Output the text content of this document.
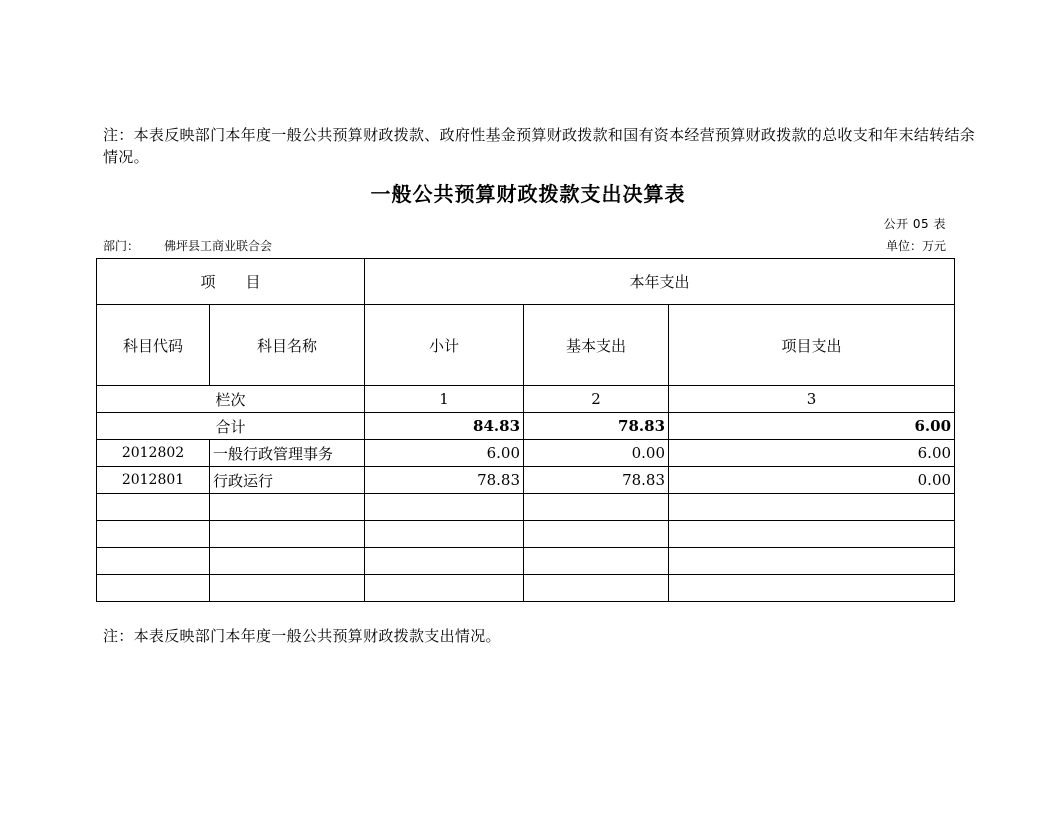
注：本表反映部门本年度一般公共预算财政拨款、政府性基金预算财政拨款和国有资本经营预算财政拨款的总收支和年末结转结余情况。
一般公共预算财政拨款支出决算表
公开 05 表
部门： 佛坪县工商业联合会	单位：万元
项　　目		本年支出		
科目代码	科目名称	小计	基本支出	项目支出
栏次		1	2	3
合计		84.83	78.83	6.00
2012802	一般行政管理事务	6.00	0.00	6.00
2012801	行政运行	78.83	78.83	0.00

注：本表反映部门本年度一般公共预算财政拨款支出情况。
